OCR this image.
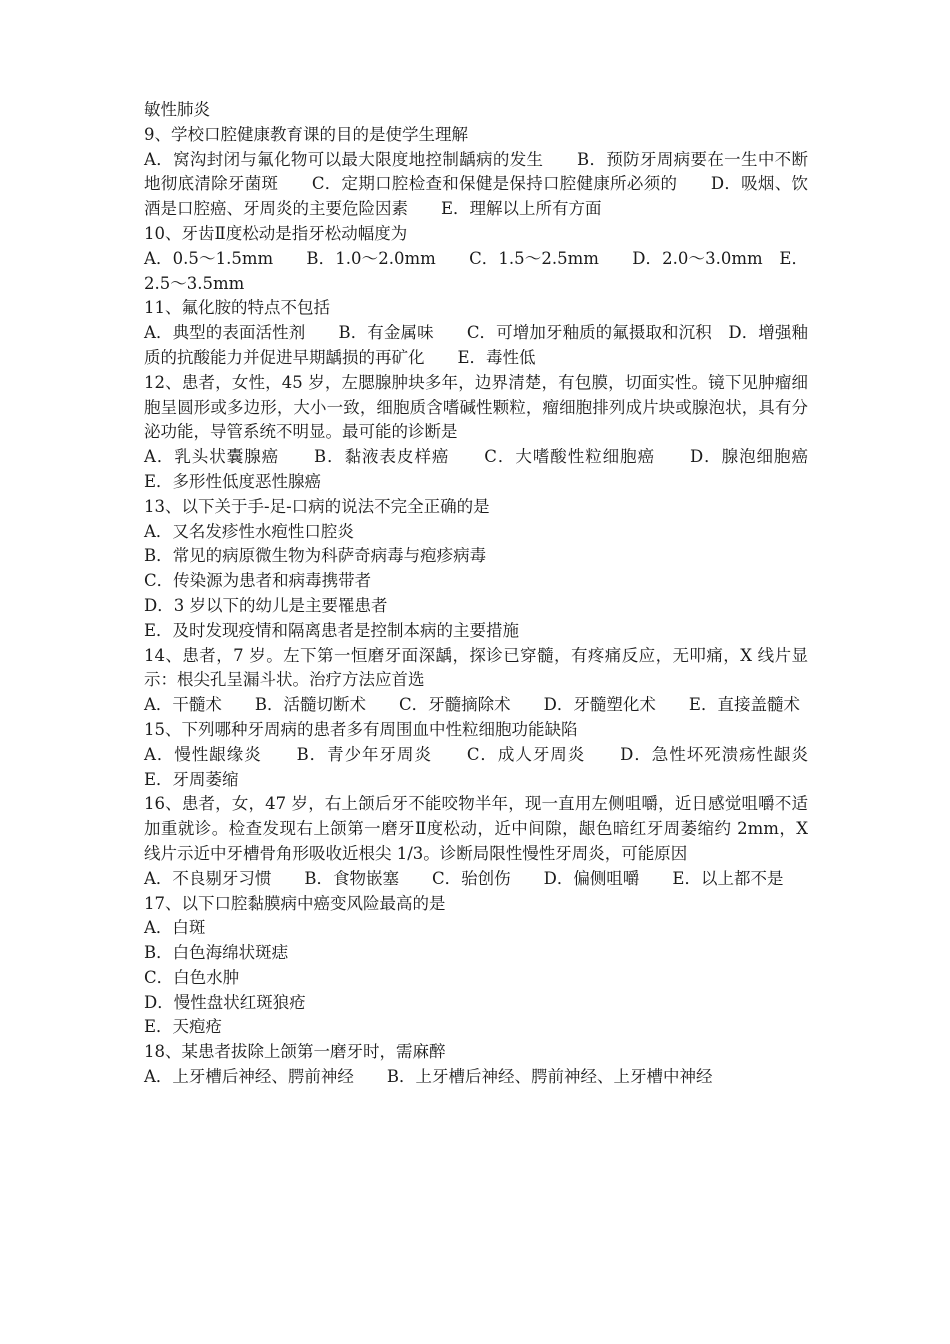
敏性肺炎

9、学校口腔健康教育课的目的是使学生理解

A．窝沟封闭与氟化物可以最大限度地控制龋病的发生　　B．预防牙周病要在一生中不断地彻底清除牙菌斑　　C．定期口腔检查和保健是保持口腔健康所必须的　　D．吸烟、饮酒是口腔癌、牙周炎的主要危险因素　　E．理解以上所有方面

10、牙齿Ⅱ度松动是指牙松动幅度为

A．0.5～1.5mm　　B．1.0～2.0mm　　C．1.5～2.5mm　　D．2.0～3.0mm　E．2.5～3.5mm

11、氟化胺的特点不包括

A．典型的表面活性剂　　B．有金属味　　C．可增加牙釉质的氟摄取和沉积　D．增强釉质的抗酸能力并促进早期龋损的再矿化　　E．毒性低

12、患者，女性，45 岁，左腮腺肿块多年，边界清楚，有包膜，切面实性。镜下见肿瘤细胞呈圆形或多边形，大小一致，细胞质含嗜碱性颗粒，瘤细胞排列成片块或腺泡状，具有分泌功能，导管系统不明显。最可能的诊断是

A．乳头状囊腺癌　　B．黏液表皮样癌　　C．大嗜酸性粒细胞癌　　D．腺泡细胞癌　　E．多形性低度恶性腺癌

13、以下关于手-足-口病的说法不完全正确的是

A．又名发疹性水疱性口腔炎

B．常见的病原微生物为科萨奇病毒与疱疹病毒

C．传染源为患者和病毒携带者

D．3 岁以下的幼儿是主要罹患者

E．及时发现疫情和隔离患者是控制本病的主要措施

14、患者，7 岁。左下第一恒磨牙面深龋，探诊已穿髓，有疼痛反应，无叩痛，X 线片显示：根尖孔呈漏斗状。治疗方法应首选

A．干髓术　　B．活髓切断术　　C．牙髓摘除术　　D．牙髓塑化术　　E．直接盖髓术

15、下列哪种牙周病的患者多有周围血中性粒细胞功能缺陷

A．慢性龈缘炎　　B．青少年牙周炎　　C．成人牙周炎　　D．急性坏死溃疡性龈炎　　E．牙周萎缩

16、患者，女，47 岁，右上颌后牙不能咬物半年，现一直用左侧咀嚼，近日感觉咀嚼不适加重就诊。检查发现右上颌第一磨牙Ⅱ度松动，近中间隙，龈色暗红牙周萎缩约 2mm，X 线片示近中牙槽骨角形吸收近根尖 1/3。诊断局限性慢性牙周炎，可能原因

A．不良剔牙习惯　　B．食物嵌塞　　C．骀创伤　　D．偏侧咀嚼　　E．以上都不是

17、以下口腔黏膜病中癌变风险最高的是

A．白斑

B．白色海绵状斑痣

C．白色水肿

D．慢性盘状红斑狼疮

E．天疱疮

18、某患者拔除上颌第一磨牙时，需麻醉

A．上牙槽后神经、腭前神经　　B．上牙槽后神经、腭前神经、上牙槽中神经
